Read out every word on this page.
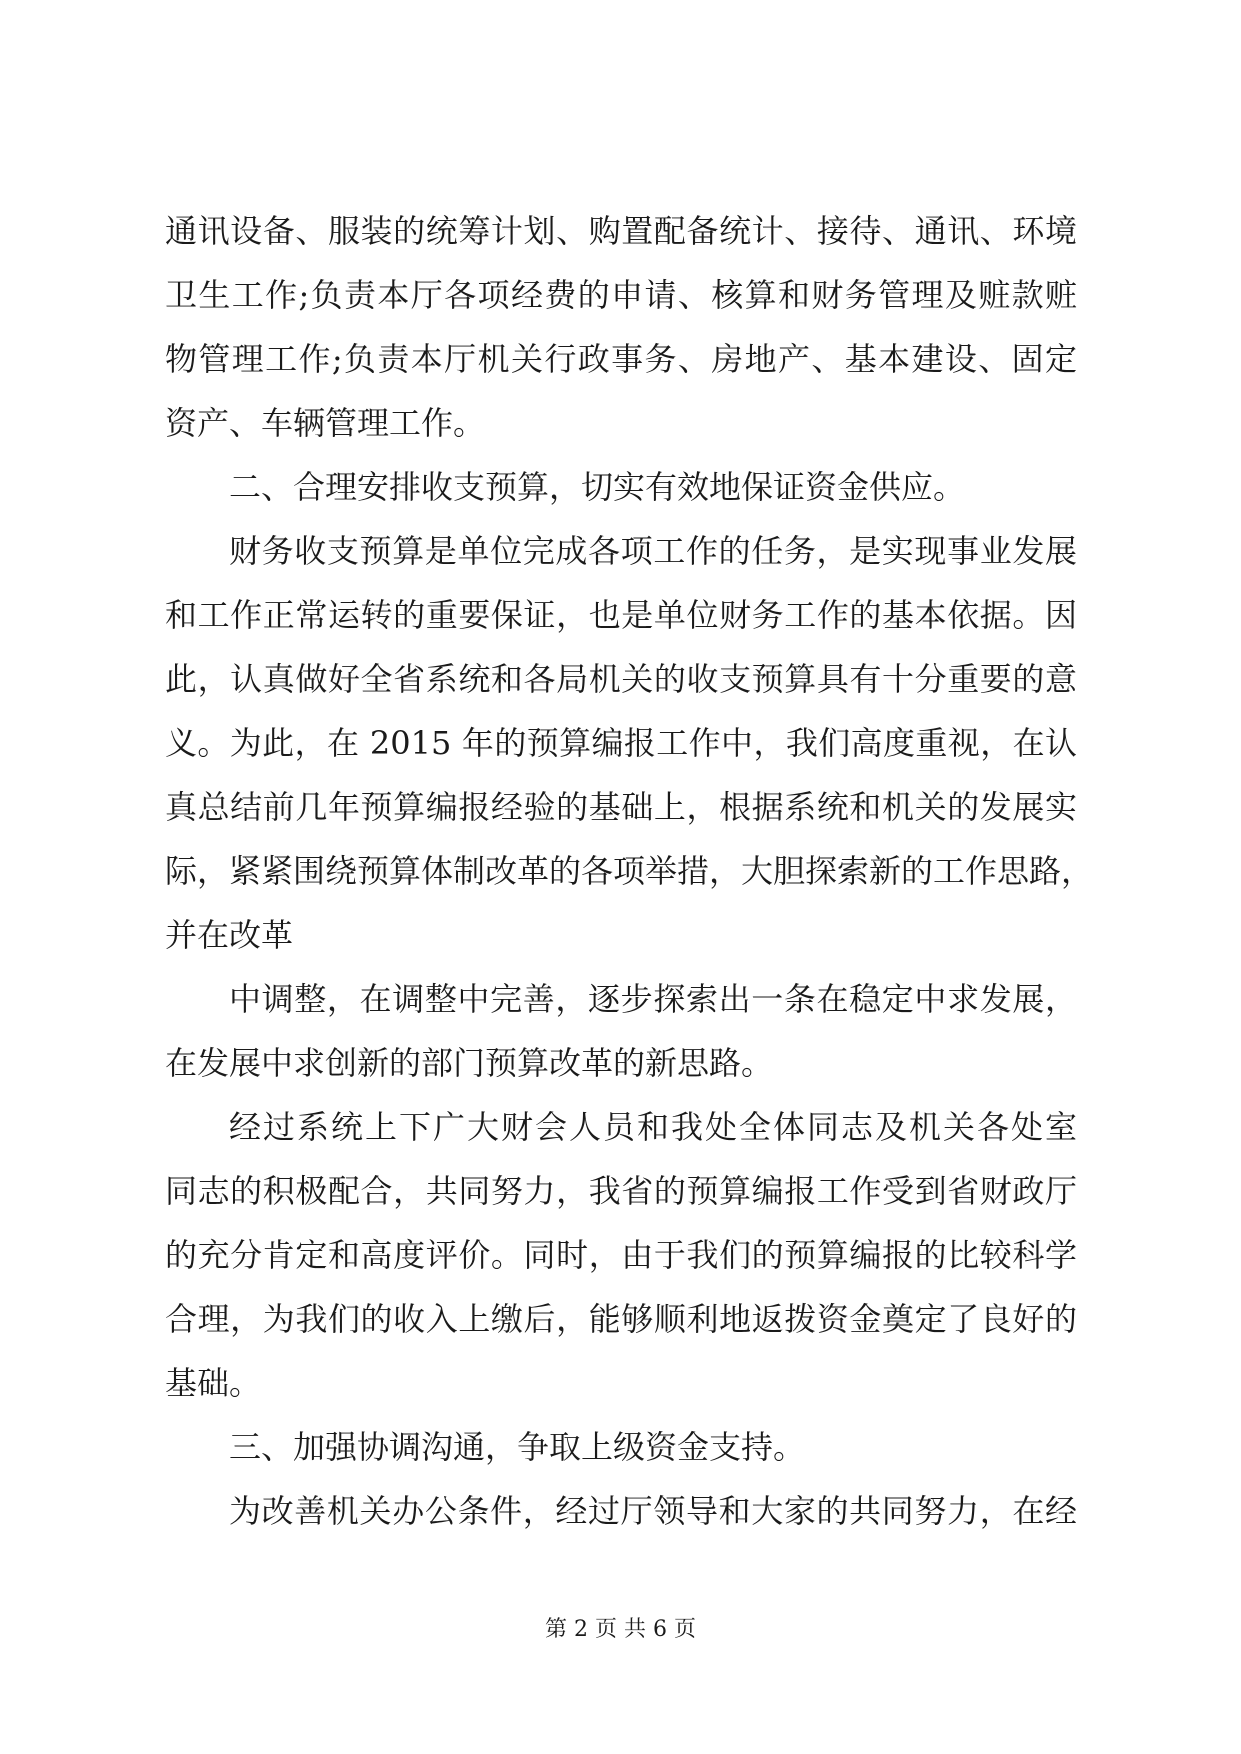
通讯设备、服装的统筹计划、购置配备统计、接待、通讯、环境
卫生工作;负责本厅各项经费的申请、核算和财务管理及赃款赃
物管理工作;负责本厅机关行政事务、房地产、基本建设、固定
资产、车辆管理工作。
二、合理安排收支预算，切实有效地保证资金供应。
财务收支预算是单位完成各项工作的任务，是实现事业发展
和工作正常运转的重要保证，也是单位财务工作的基本依据。因
此，认真做好全省系统和各局机关的收支预算具有十分重要的意
义。为此，在 2015 年的预算编报工作中，我们高度重视，在认
真总结前几年预算编报经验的基础上，根据系统和机关的发展实
际，紧紧围绕预算体制改革的各项举措，大胆探索新的工作思路，
并在改革
中调整，在调整中完善，逐步探索出一条在稳定中求发展，
在发展中求创新的部门预算改革的新思路。
经过系统上下广大财会人员和我处全体同志及机关各处室
同志的积极配合，共同努力，我省的预算编报工作受到省财政厅
的充分肯定和高度评价。同时，由于我们的预算编报的比较科学
合理，为我们的收入上缴后，能够顺利地返拨资金奠定了良好的
基础。
三、加强协调沟通，争取上级资金支持。
为改善机关办公条件，经过厅领导和大家的共同努力，在经
第 2 页 共 6 页
